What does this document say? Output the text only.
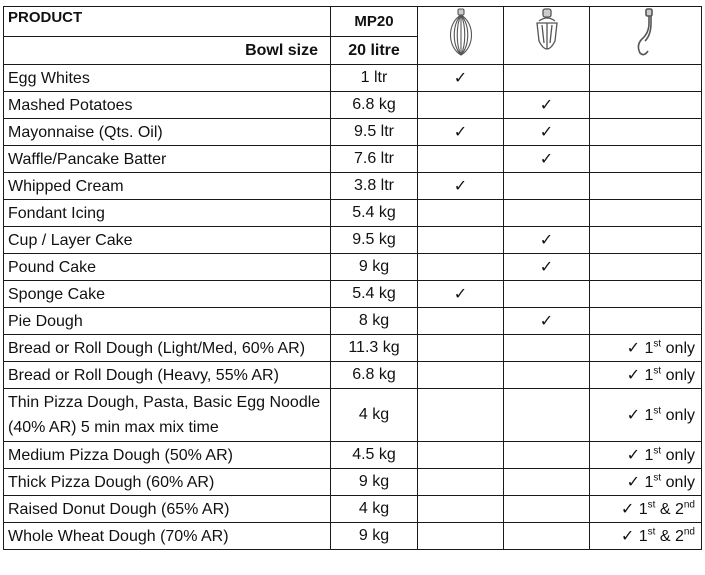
PRODUCT	MP20			
Bowl size	20 litre			
Egg Whites	1 ltr	✓		
Mashed Potatoes	6.8 kg		✓	
Mayonnaise (Qts. Oil)	9.5 ltr	✓	✓	
Waffle/Pancake Batter	7.6 ltr		✓	
Whipped Cream	3.8 ltr	✓		
Fondant Icing	5.4 kg			
Cup / Layer Cake	9.5 kg		✓	
Pound Cake	9 kg		✓	
Sponge Cake	5.4 kg	✓		
Pie Dough	8 kg		✓	
Bread or Roll Dough (Light/Med, 60% AR)	11.3 kg			✓ 1st only
Bread or Roll Dough (Heavy, 55% AR)	6.8 kg			✓ 1st only
Thin Pizza Dough, Pasta, Basic Egg Noodle (40% AR) 5 min max mix time	4 kg			✓ 1st only
Medium Pizza Dough (50% AR)	4.5 kg			✓ 1st only
Thick Pizza Dough (60% AR)	9 kg			✓ 1st only
Raised Donut Dough (65% AR)	4 kg			✓ 1st & 2nd
Whole Wheat Dough (70% AR)	9 kg			✓ 1st & 2nd
